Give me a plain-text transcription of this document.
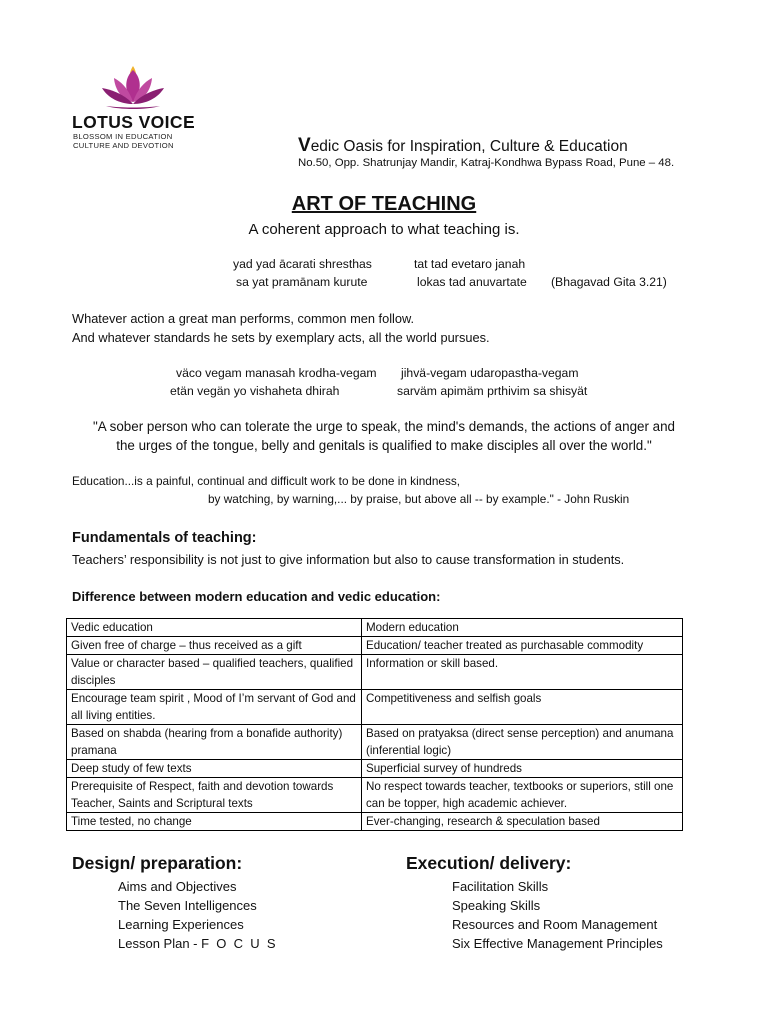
LOTUS VOICE
BLOSSOM IN EDUCATION
CULTURE AND DEVOTION	Vedic Oasis for Inspiration, Culture & Education
No.50, Opp. Shatrunjay Mandir, Katraj-Kondhwa Bypass Road, Pune – 48.
ART OF TEACHING
A coherent approach to what teaching is.
yad yad ācarati shresthas	tat tad evetaro janah
sa yat pramānam kurute	lokas tad anuvartate (Bhagavad Gita 3.21)
Whatever action a great man performs, common men follow.
And whatever standards he sets by exemplary acts, all the world pursues.
väco vegam manasah krodha-vegam jihvä-vegam udaropastha-vegam
etän vegän yo vishaheta dhirah	sarväm apimäm prthivim sa shisyät
"A sober person who can tolerate the urge to speak, the mind's demands, the actions of anger and
the urges of the tongue, belly and genitals is qualified to make disciples all over the world."
Education...is a painful, continual and difficult work to be done in kindness,
by watching, by warning,... by praise, but above all -- by example." - John Ruskin
Fundamentals of teaching:
Teachers’ responsibility is not just to give information but also to cause transformation in students.
Difference between modern education and vedic education:
Vedic education	Modern education
Given free of charge – thus received as a gift	Education/ teacher treated as purchasable commodity
Value or character based – qualified teachers, qualified disciples	Information or skill based.
Encourage team spirit , Mood of I’m servant of God and all living entities.	Competitiveness and selfish goals
Based on shabda (hearing from a bonafide authority) pramana	Based on pratyaksa (direct sense perception) and anumana (inferential logic)
Deep study of few texts	Superficial survey of hundreds
Prerequisite of Respect, faith and devotion towards Teacher, Saints and Scriptural texts	No respect towards teacher, textbooks or superiors, still one can be topper, high academic achiever.
Time tested, no change	Ever-changing, research & speculation based
Design/ preparation:
Aims and Objectives
The Seven Intelligences
Learning Experiences
Lesson Plan - F  O  C  U  S
Execution/ delivery:
Facilitation Skills
Speaking Skills
Resources and Room Management
Six Effective Management Principles
